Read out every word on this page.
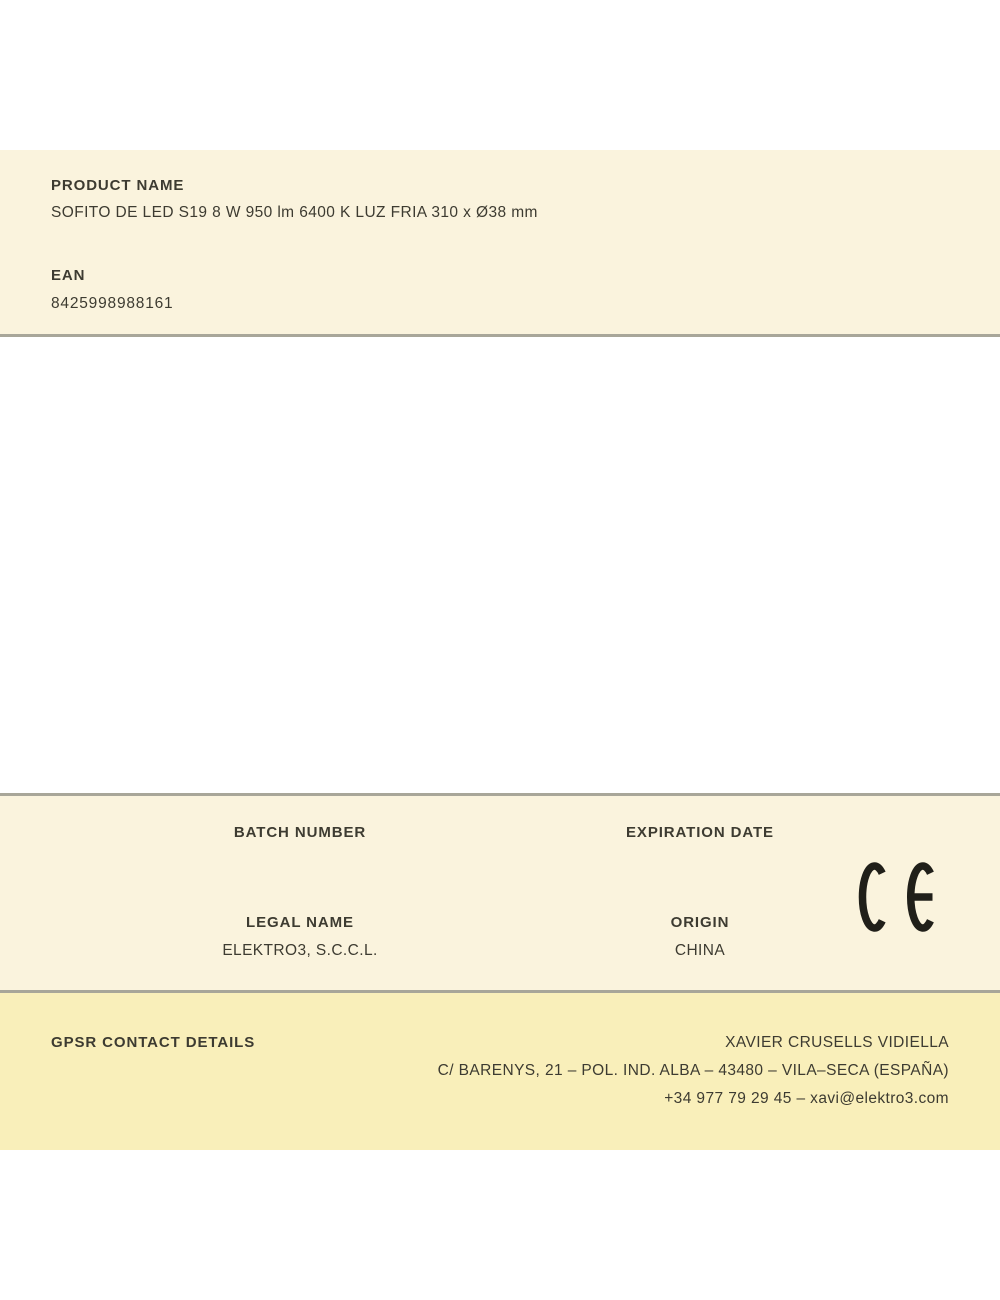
PRODUCT NAME
SOFITO DE LED S19 8 W 950 lm 6400 K LUZ FRIA 310 x Ø38 mm
EAN
8425998988161
BATCH NUMBER	EXPIRATION DATE
LEGAL NAME
ELEKTRO3, S.C.C.L.
ORIGIN
CHINA
GPSR CONTACT DETAILS	XAVIER CRUSELLS VIDIELLA
C/ BARENYS, 21 – POL. IND. ALBA – 43480 – VILA–SECA (ESPAÑA)
+34 977 79 29 45 – xavi@elektro3.com
